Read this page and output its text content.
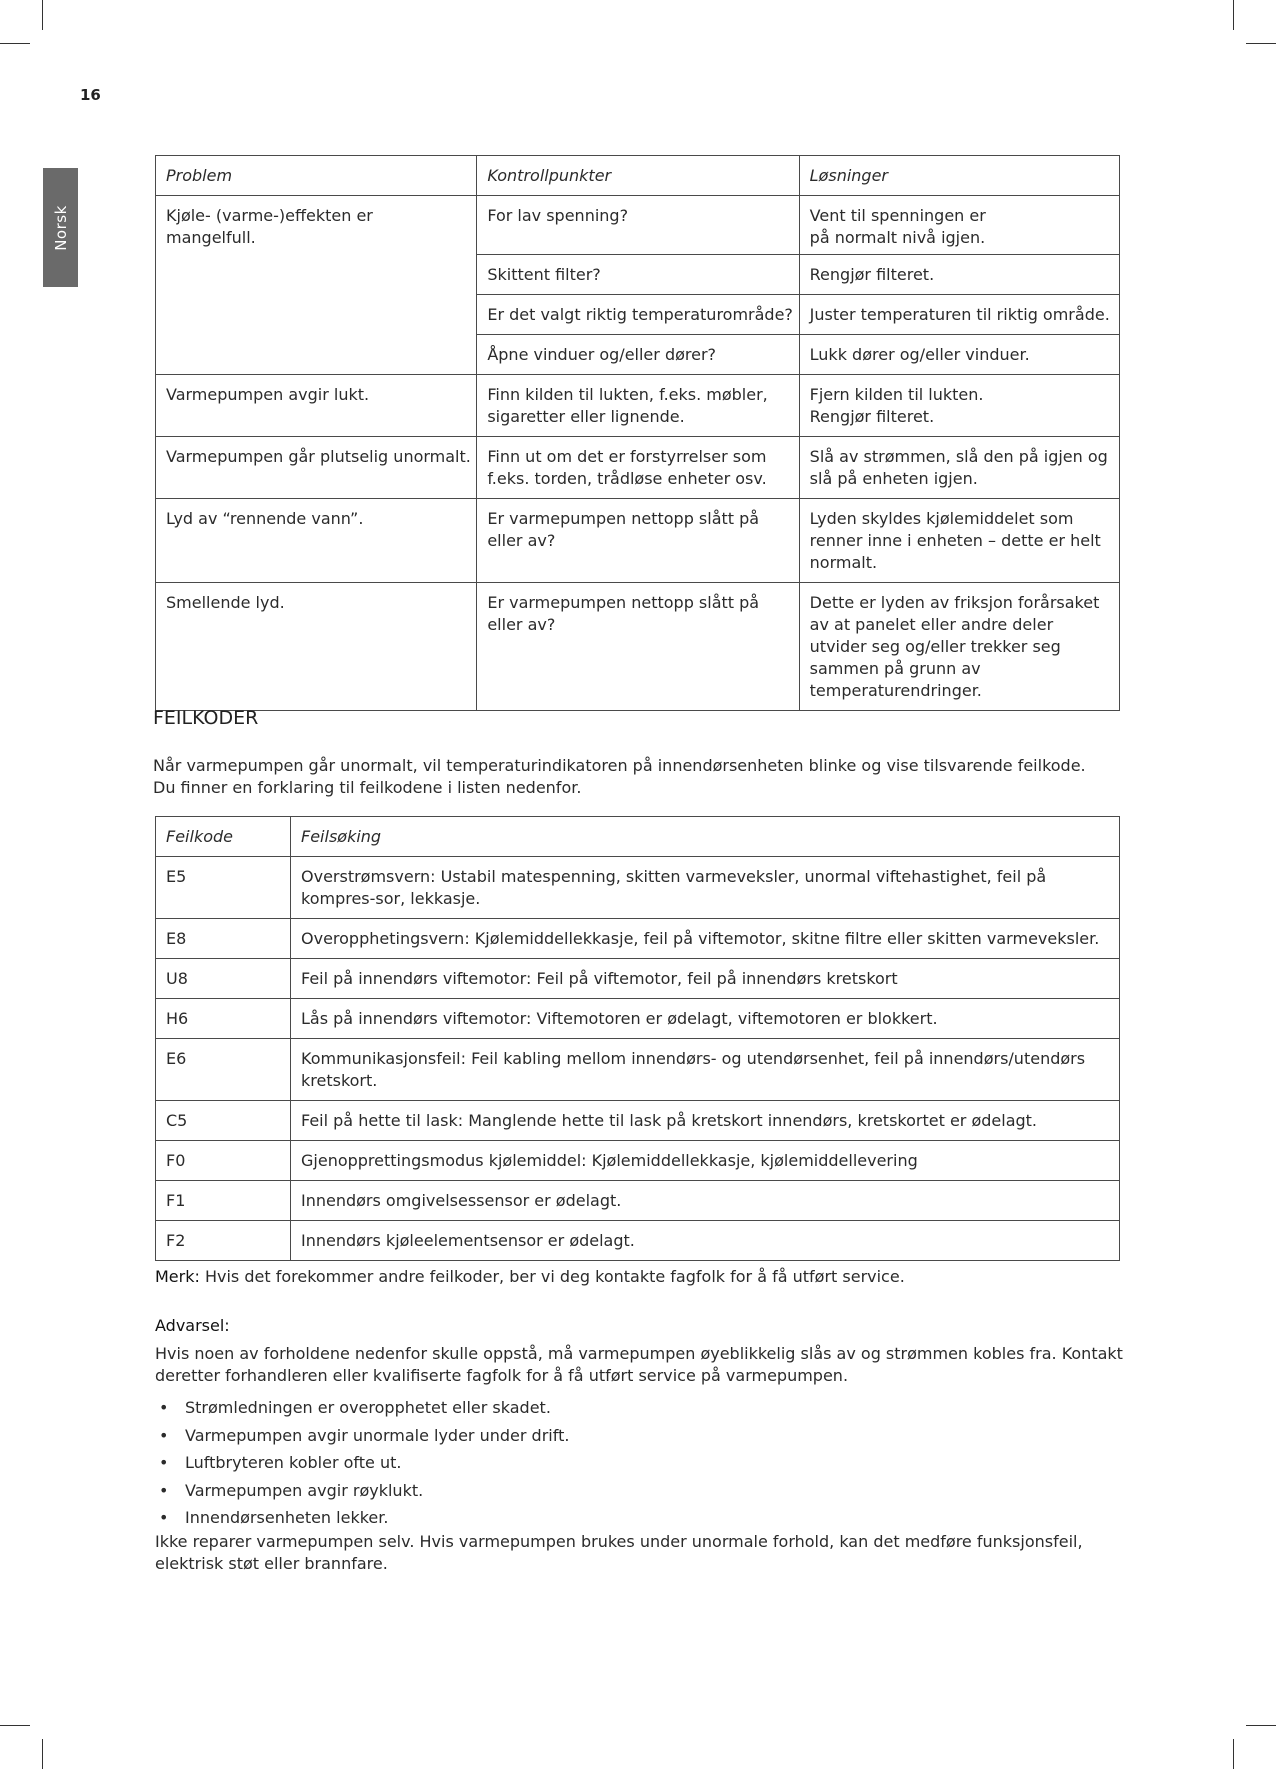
16
Norsk
Problem	Kontrollpunkter	Løsninger
Kjøle- (varme-)effekten er mangelfull.	For lav spenning?	Vent til spenningen er
på normalt nivå igjen.
	Skittent filter?	Rengjør filteret.
	Er det valgt riktig temperaturområde?	Juster temperaturen til riktig område.
	Åpne vinduer og/eller dører?	Lukk dører og/eller vinduer.
Varmepumpen avgir lukt.	Finn kilden til lukten, f.eks. møbler, sigaretter eller lignende.	Fjern kilden til lukten.
Rengjør filteret.
Varmepumpen går plutselig unormalt.	Finn ut om det er forstyrrelser som f.eks. torden, trådløse enheter osv.	Slå av strømmen, slå den på igjen og slå på enheten igjen.
Lyd av “rennende vann”.	Er varmepumpen nettopp slått på eller av?	Lyden skyldes kjølemiddelet som renner inne i enheten – dette er helt normalt.
Smellende lyd.	Er varmepumpen nettopp slått på eller av?	Dette er lyden av friksjon forårsaket av at panelet eller andre deler utvider seg og/eller trekker seg sammen på grunn av temperaturendringer.
FEILKODER
Når varmepumpen går unormalt, vil temperaturindikatoren på innendørsenheten blinke og vise tilsvarende feilkode.
Du finner en forklaring til feilkodene i listen nedenfor.
Feilkode	Feilsøking
E5	Overstrømsvern: Ustabil matespenning, skitten varmeveksler, unormal viftehastighet, feil på kompres-sor, lekkasje.
E8	Overopphetingsvern: Kjølemiddellekkasje, feil på viftemotor, skitne filtre eller skitten varmeveksler.
U8	Feil på innendørs viftemotor: Feil på viftemotor, feil på innendørs kretskort
H6	Lås på innendørs viftemotor: Viftemotoren er ødelagt, viftemotoren er blokkert.
E6	Kommunikasjonsfeil: Feil kabling mellom innendørs- og utendørsenhet, feil på innendørs/utendørs kretskort.
C5	Feil på hette til lask: Manglende hette til lask på kretskort innendørs, kretskortet er ødelagt.
F0	Gjenopprettingsmodus kjølemiddel: Kjølemiddellekkasje, kjølemiddellevering
F1	Innendørs omgivelsessensor er ødelagt.
F2	Innendørs kjøleelementsensor er ødelagt.
Merk: Hvis det forekommer andre feilkoder, ber vi deg kontakte fagfolk for å få utført service.
Advarsel:
Hvis noen av forholdene nedenfor skulle oppstå, må varmepumpen øyeblikkelig slås av og strømmen kobles fra. Kontakt deretter forhandleren eller kvalifiserte fagfolk for å få utført service på varmepumpen.
• Strømledningen er overopphetet eller skadet.
• Varmepumpen avgir unormale lyder under drift.
• Luftbryteren kobler ofte ut.
• Varmepumpen avgir røyklukt.
• Innendørsenheten lekker.
Ikke reparer varmepumpen selv. Hvis varmepumpen brukes under unormale forhold, kan det medføre funksjonsfeil, elektrisk støt eller brannfare.
